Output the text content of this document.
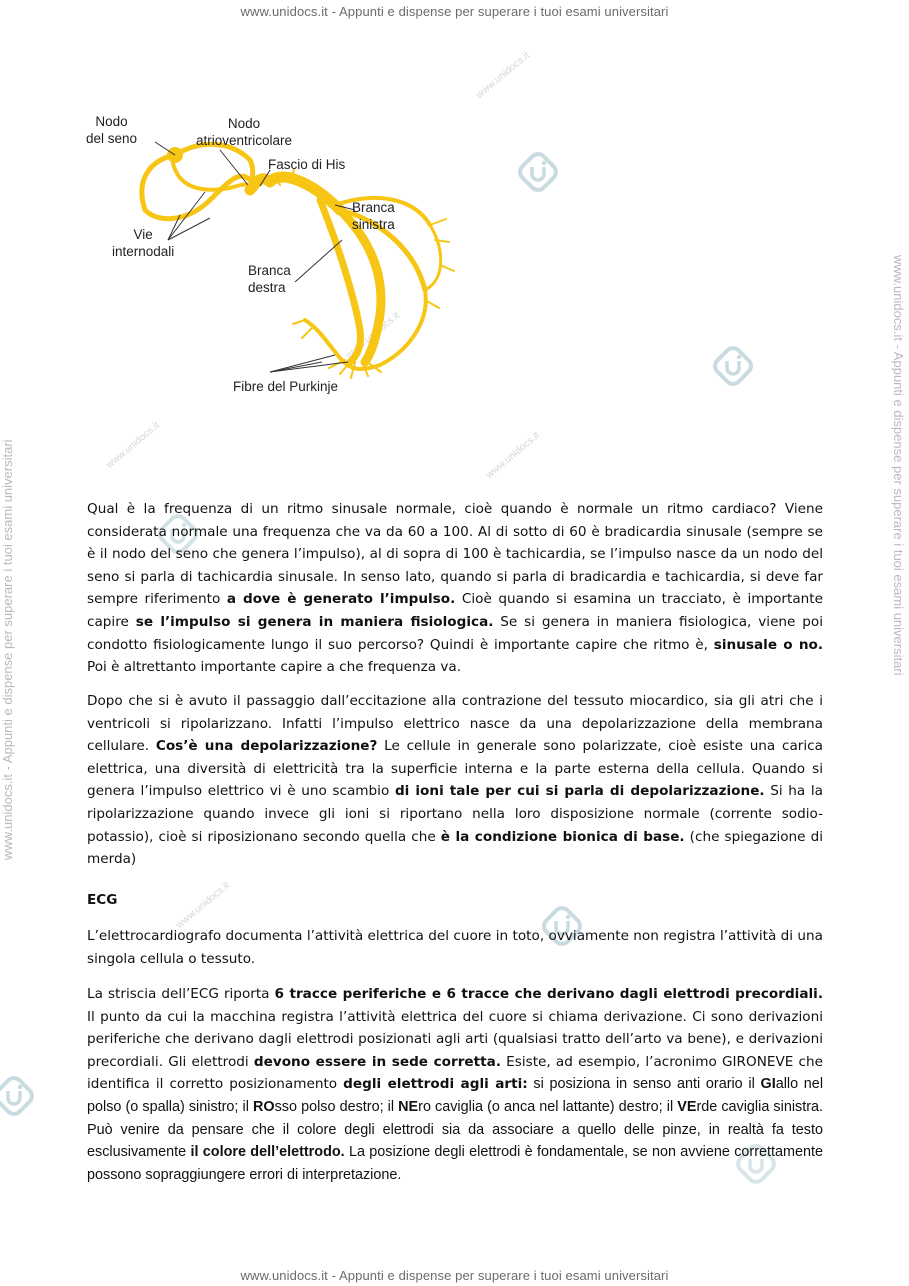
www.unidocs.it - Appunti e dispense per superare i tuoi esami universitari
www.unidocs.it - Appunti e dispense per superare i tuoi esami universitari
www.unidocs.it - Appunti e dispense per superare i tuoi esami universitari	www.unidocs.it - Appunti e dispense per superare i tuoi esami universitari
www.unidocs.it
www.unidocs.it	www.unidocs.it
www.unidocs.it
www.unidocs.it
Nodo
del seno
Nodo
atrioventricolare
Fascio di His
Branca
sinistra
Vie
internodali
Branca
destra
Fibre del Purkinje
Qual è la frequenza di un ritmo sinusale normale, cioè quando è normale un ritmo cardiaco? Viene considerata normale una frequenza che va da 60 a 100. Al di sotto di 60 è bradicardia sinusale (sempre se è il nodo del seno che genera l’impulso), al di sopra di 100 è tachicardia, se l’impulso nasce da un nodo del seno si parla di tachicardia sinusale. In senso lato, quando si parla di bradicardia e tachicardia, si deve far sempre riferimento a dove è generato l’impulso. Cioè quando si esamina un tracciato, è importante capire se l’impulso si genera in maniera fisiologica. Se si genera in maniera fisiologica, viene poi condotto fisiologicamente lungo il suo percorso? Quindi è importante capire che ritmo è, sinusale o no. Poi è altrettanto importante capire a che frequenza va.
Dopo che si è avuto il passaggio dall’eccitazione alla contrazione del tessuto miocardico, sia gli atri che i ventricoli si ripolarizzano. Infatti l’impulso elettrico nasce da una depolarizzazione della membrana cellulare. Cos’è una depolarizzazione? Le cellule in generale sono polarizzate, cioè esiste una carica elettrica, una diversità di elettricità tra la superficie interna e la parte esterna della cellula. Quando si genera l’impulso elettrico vi è uno scambio di ioni tale per cui si parla di depolarizzazione. Si ha la ripolarizzazione quando invece gli ioni si riportano nella loro disposizione normale (corrente sodio-potassio), cioè si riposizionano secondo quella che è la condizione bionica di base. (che spiegazione di merda)
ECG
L’elettrocardiografo documenta l’attività elettrica del cuore in toto, ovviamente non registra l’attività di una singola cellula o tessuto.
La striscia dell’ECG riporta 6 tracce periferiche e 6 tracce che derivano dagli elettrodi precordiali. Il punto da cui la macchina registra l’attività elettrica del cuore si chiama derivazione. Ci sono derivazioni periferiche che derivano dagli elettrodi posizionati agli arti (qualsiasi tratto dell’arto va bene), e derivazioni precordiali. Gli elettrodi devono essere in sede corretta. Esiste, ad esempio, l’acronimo GIRONEVE che identifica il corretto posizionamento degli elettrodi agli arti: si posiziona in senso anti orario il GIallo nel polso (o spalla) sinistro; il ROsso polso destro; il NEro caviglia (o anca nel lattante) destro; il VErde caviglia sinistra. Può venire da pensare che il colore degli elettrodi sia da associare a quello delle pinze, in realtà fa testo esclusivamente il colore dell’elettrodo. La posizione degli elettrodi è fondamentale, se non avviene correttamente possono sopraggiungere errori di interpretazione.
